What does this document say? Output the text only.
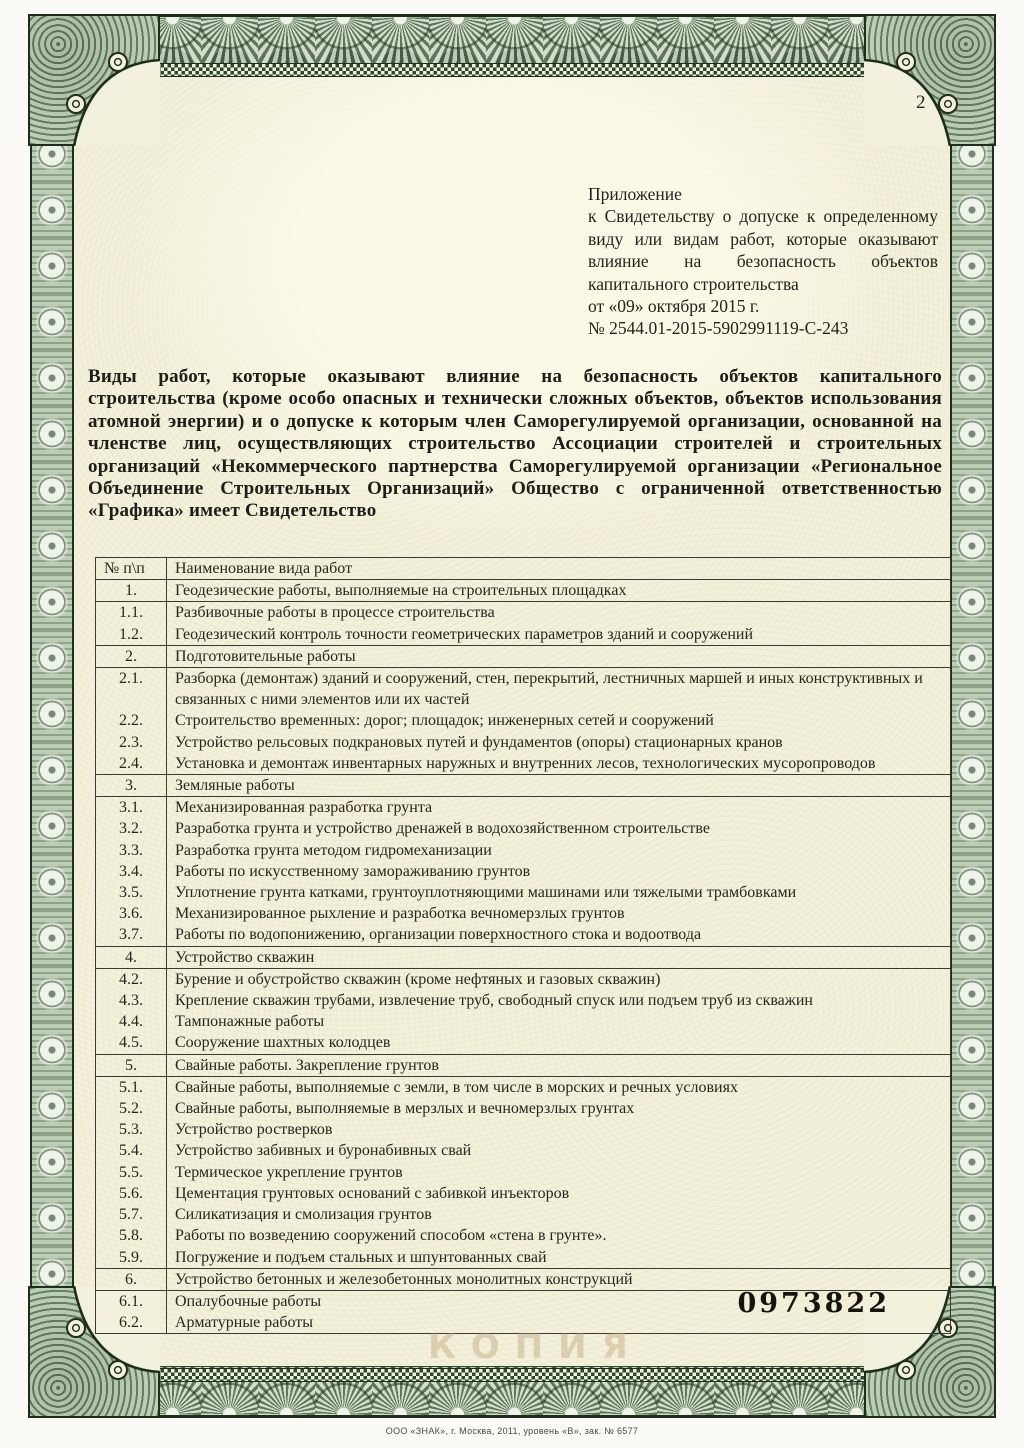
2
Приложение
к Свидетельству о допуске к определенному виду или видам работ, которые оказывают влияние на безопасность объектов капитального строительства
от «09» октября 2015 г.
№ 2544.01-2015-5902991119-С-243

Виды работ, которые оказывают влияние на безопасность объектов капитального строительства (кроме особо опасных и технически сложных объектов, объектов использования атомной энергии) и о допуске к которым член Саморегулируемой организации, основанной на членстве лиц, осуществляющих строительство Ассоциации строителей и строительных организаций «Некоммерческого партнерства Саморегулируемой организации «Региональное Объединение Строительных Организаций» Общество с ограниченной ответственностью «Графика» имеет Свидетельство

№ п\п	Наименование вида работ
1.	Геодезические работы, выполняемые на строительных площадках
1.1.	Разбивочные работы в процессе строительства
1.2.	Геодезический контроль точности геометрических параметров зданий и сооружений
2.	Подготовительные работы
2.1.	Разборка (демонтаж) зданий и сооружений, стен, перекрытий, лестничных маршей и иных конструктивных и связанных с ними элементов или их частей
2.2.	Строительство временных: дорог; площадок; инженерных сетей и сооружений
2.3.	Устройство рельсовых подкрановых путей и фундаментов (опоры) стационарных кранов
2.4.	Установка и демонтаж инвентарных наружных и внутренних лесов, технологических мусоропроводов
3.	Земляные работы
3.1.	Механизированная разработка грунта
3.2.	Разработка грунта и устройство дренажей в водохозяйственном строительстве
3.3.	Разработка грунта методом гидромеханизации
3.4.	Работы по искусственному замораживанию грунтов
3.5.	Уплотнение грунта катками, грунтоуплотняющими машинами или тяжелыми трамбовками
3.6.	Механизированное рыхление и разработка вечномерзлых грунтов
3.7.	Работы по водопонижению, организации поверхностного стока и водоотвода
4.	Устройство скважин
4.2.	Бурение и обустройство скважин (кроме нефтяных и газовых скважин)
4.3.	Крепление скважин трубами, извлечение труб, свободный спуск или подъем труб из скважин
4.4.	Тампонажные работы
4.5.	Сооружение шахтных колодцев
5.	Свайные работы. Закрепление грунтов
5.1.	Свайные работы, выполняемые с земли, в том числе в морских и речных условиях
5.2.	Свайные работы, выполняемые в мерзлых и вечномерзлых грунтах
5.3.	Устройство ростверков
5.4.	Устройство забивных и буронабивных свай
5.5.	Термическое укрепление грунтов
5.6.	Цементация грунтовых оснований с забивкой инъекторов
5.7.	Силикатизация и смолизация грунтов
5.8.	Работы по возведению сооружений способом «стена в грунте».
5.9.	Погружение и подъем стальных и шпунтованных свай
6.	Устройство бетонных и железобетонных монолитных конструкций
6.1.	Опалубочные работы
6.2.	Арматурные работы
0973822
КОПИЯ
ООО «ЗНАК», г. Москва, 2011, уровень «В», зак. № 6577
